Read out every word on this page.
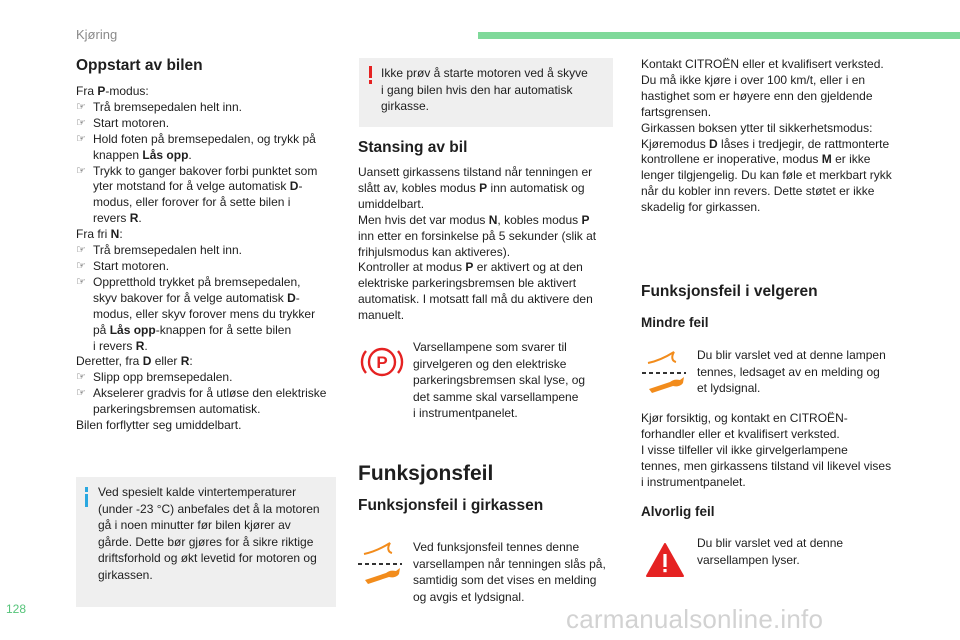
Kjøring
Oppstart av bilen
Fra P-modus:
☞ Trå bremsepedalen helt inn.
☞ Start motoren.
☞ Hold foten på bremsepedalen, og trykk på
knappen Lås opp.
☞ Trykk to ganger bakover forbi punktet som
yter motstand for å velge automatisk D-
modus, eller forover for å sette bilen i
revers R.
Fra fri N:
☞ Trå bremsepedalen helt inn.
☞ Start motoren.
☞ Oppretthold trykket på bremsepedalen,
skyv bakover for å velge automatisk D-
modus, eller skyv forover mens du trykker
på Lås opp-knappen for å sette bilen
i revers R.
Deretter, fra D eller R:
☞ Slipp opp bremsepedalen.
☞ Akselerer gradvis for å utløse den elektriske
parkeringsbremsen automatisk.
Bilen forflytter seg umiddelbart.
Ved spesielt kalde vintertemperaturer
(under -23 °C) anbefales det å la motoren
gå i noen minutter før bilen kjører av
gårde. Dette bør gjøres for å sikre riktige
driftsforhold og økt levetid for motoren og
girkassen.
Ikke prøv å starte motoren ved å skyve
i gang bilen hvis den har automatisk
girkasse.
Stansing av bil
Uansett girkassens tilstand når tenningen er
slått av, kobles modus P inn automatisk og
umiddelbart.
Men hvis det var modus N, kobles modus P
inn etter en forsinkelse på 5 sekunder (slik at
frihjulsmodus kan aktiveres).
Kontroller at modus P er aktivert og at den
elektriske parkeringsbremsen ble aktivert
automatisk. I motsatt fall må du aktivere den
manuelt.
P
Varsellampene som svarer til
girvelgeren og den elektriske
parkeringsbremsen skal lyse, og
det samme skal varsellampene
i instrumentpanelet.
Funksjonsfeil
Funksjonsfeil i girkassen
Ved funksjonsfeil tennes denne
varsellampen når tenningen slås på,
samtidig som det vises en melding
og avgis et lydsignal.
Kontakt CITROËN eller et kvalifisert verksted.
Du må ikke kjøre i over 100 km/t, eller i en
hastighet som er høyere enn den gjeldende
fartsgrensen.
Girkassen boksen ytter til sikkerhetsmodus:
Kjøremodus D låses i tredjegir, de rattmonterte
kontrollene er inoperative, modus M er ikke
lenger tilgjengelig. Du kan føle et merkbart rykk
når du kobler inn revers. Dette støtet er ikke
skadelig for girkassen.
Funksjonsfeil i velgeren
Mindre feil
Du blir varslet ved at denne lampen
tennes, ledsaget av en melding og
et lydsignal.
Kjør forsiktig, og kontakt en CITROËN-
forhandler eller et kvalifisert verksted.
I visse tilfeller vil ikke girvelgerlampene
tennes, men girkassens tilstand vil likevel vises
i instrumentpanelet.
Alvorlig feil
Du blir varslet ved at denne
varsellampen lyser.
128	carmanualsonline.info
